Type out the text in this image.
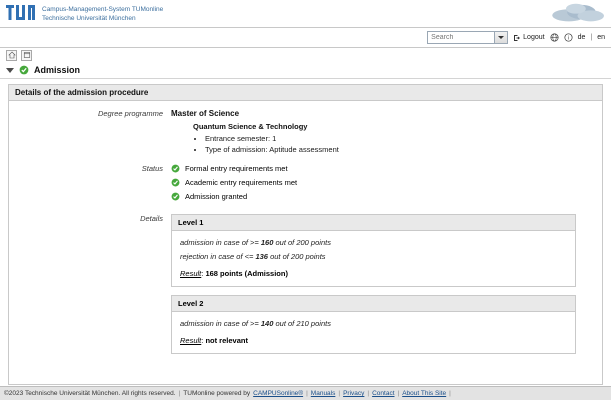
Campus-Management-System TUMonline
Technische Universität München
Search
Logout	i de | en
Admission
Details of the admission procedure
Degree programme	Master of Science
Quantum Science & Technology
• Entrance semester: 1
• Type of admission: Aptitude assessment
Status	Formal entry requirements met
Academic entry requirements met
Admission granted
Details	Level 1
admission in case of >= 160 out of 200 points
rejection in case of <= 136 out of 200 points
Result: 168 points (Admission)
Level 2
admission in case of >= 140 out of 210 points
Result: not relevant
©2023 Technische Universität München. All rights reserved. | TUMonline powered by CAMPUSonline® | Manuals | Privacy | Contact | About This Site |
